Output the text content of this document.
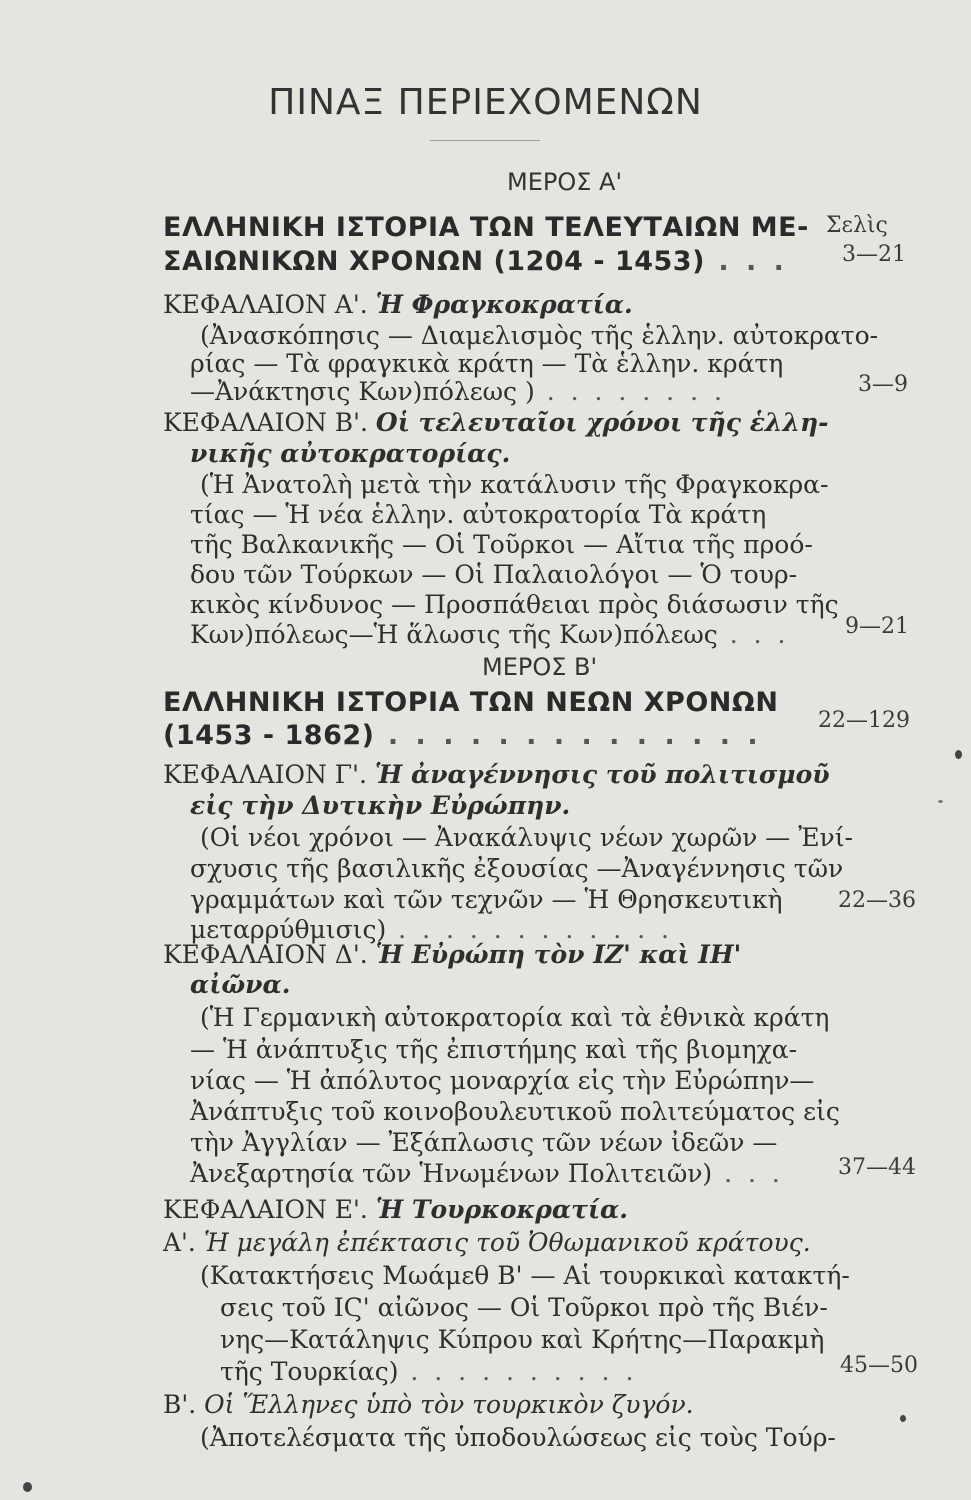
ΠΙΝΑΞ ΠΕΡΙΕΧΟΜΕΝΩΝ
ΜΕΡΟΣ Α'
Σελὶς
ΕΛΛΗΝΙΚΗ ΙΣΤΟΡΙΑ ΤΩΝ ΤΕΛΕΥΤΑΙΩΝ ΜΕ-
ΣΑΙΩΝΙΚΩΝ ΧΡΟΝΩΝ (1204 - 1453) . . . 3—21
ΚΕΦΑΛΑΙΟΝ Α'. Ἡ Φραγκοκρατία.
(Ἀνασκόπησις — Διαμελισμὸς τῆς ἑλλην. αὐτοκρατο-
ρίας — Τὰ φραγκικὰ κράτη — Τὰ ἑλλην. κράτη
—Ἀνάκτησις Κων)πόλεως ) . . . . . . . .	3—9
ΚΕΦΑΛΑΙΟΝ Β'. Οἱ τελευταῖοι χρόνοι τῆς ἑλλη-
νικῆς αὐτοκρατορίας.
(Ἡ Ἀνατολὴ μετὰ τὴν κατάλυσιν τῆς Φραγκοκρα-
τίας — Ἡ νέα ἑλλην. αὐτοκρατορία Τὰ κράτη
τῆς Βαλκανικῆς — Οἱ Τοῦρκοι — Αἴτια τῆς προό-
δου τῶν Τούρκων — Οἱ Παλαιολόγοι — Ὁ τουρ-
κικὸς κίνδυνος — Προσπάθειαι πρὸς διάσωσιν τῆς
Κων)πόλεως—Ἡ ἅλωσις τῆς Κων)πόλεως . . .	9—21
ΜΕΡΟΣ Β'
ΕΛΛΗΝΙΚΗ ΙΣΤΟΡΙΑ ΤΩΝ ΝΕΩΝ ΧΡΟΝΩΝ
(1453 - 1862) . . . . . . . . . . . . . .	22—129
ΚΕΦΑΛΑΙΟΝ Γ'. Ἡ ἀναγέννησις τοῦ πολιτισμοῦ
εἰς τὴν Δυτικὴν Εὐρώπην.
(Οἱ νέοι χρόνοι — Ἀνακάλυψις νέων χωρῶν — Ἐνί-
σχυσις τῆς βασιλικῆς ἐξουσίας —Ἀναγέννησις τῶν
γραμμάτων καὶ τῶν τεχνῶν — Ἡ Θρησκευτικὴ
μεταρρύθμισις) . . . . . . . . . . . .
22—36
ΚΕΦΑΛΑΙΟΝ Δ'. Ἡ Εὐρώπη τὸν ΙΖ' καὶ ΙΗ'
αἰῶνα.
(Ἡ Γερμανικὴ αὐτοκρατορία καὶ τὰ ἐθνικὰ κράτη
— Ἡ ἀνάπτυξις τῆς ἐπιστήμης καὶ τῆς βιομηχα-
νίας — Ἡ ἀπόλυτος μοναρχία εἰς τὴν Εὐρώπην—
Ἀνάπτυξις τοῦ κοινοβουλευτικοῦ πολιτεύματος εἰς
τὴν Ἀγγλίαν — Ἐξάπλωσις τῶν νέων ἰδεῶν —
Ἀνεξαρτησία τῶν Ἡνωμένων Πολιτειῶν) . . . 37—44
ΚΕΦΑΛΑΙΟΝ Ε'. Ἡ Τουρκοκρατία.
Α'. Ἡ μεγάλη ἐπέκτασις τοῦ Ὀθωμανικοῦ κράτους.
(Κατακτήσεις Μωάμεθ Β' — Αἱ τουρκικαὶ κατακτή-
σεις τοῦ ΙϚ' αἰῶνος — Οἱ Τοῦρκοι πρὸ τῆς Βιέν-
νης—Κατάληψις Κύπρου καὶ Κρήτης—Παρακμὴ
τῆς Τουρκίας) . . . . . . . . . .	45—50
Β'. Οἱ Ἕλληνες ὑπὸ τὸν τουρκικὸν ζυγόν.
(Ἀποτελέσματα τῆς ὑποδουλώσεως εἰς τοὺς Τούρ-
